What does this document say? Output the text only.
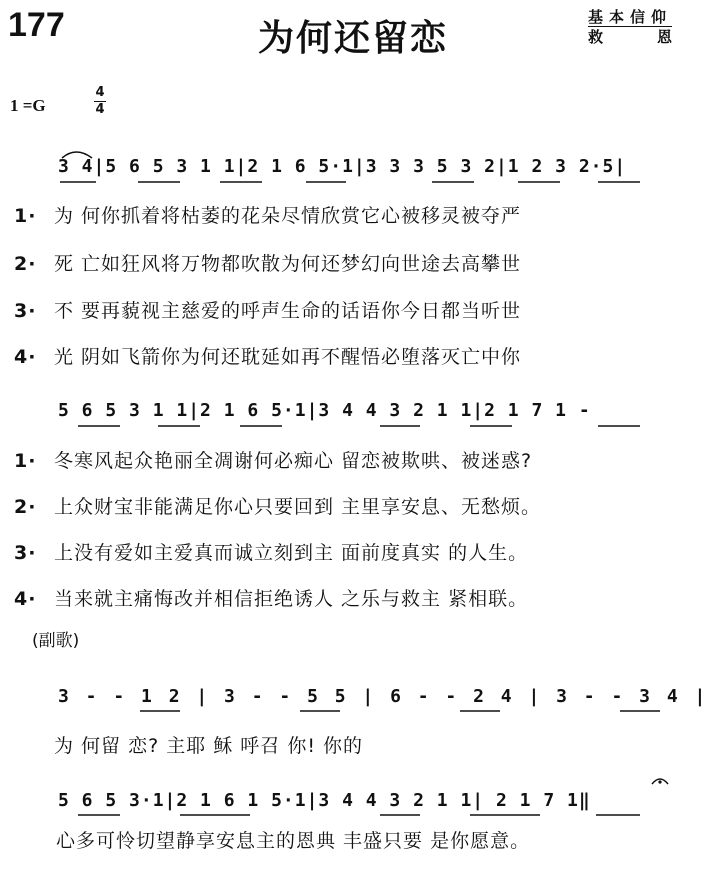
177	为何还留恋
基本信仰
救恩
1 =G
4
4
3 4|5 6 5 3 1 1|2 1 6 5·1|3 3 3 5 3 2|1 2 3 2·5|
1· 为 何你抓着将枯萎的花朵尽情欣赏它心被移灵被夺严
2· 死 亡如狂风将万物都吹散为何还梦幻向世途去高攀世
3· 不 要再藐视主慈爱的呼声生命的话语你今日都当听世
4· 光 阴如飞箭你为何还耽延如再不醒悟必堕落灭亡中你
5 6 5 3 1 1|2 1 6 5·1|3 4 4 3 2 1 1|2 1 7 1 -
1· 冬寒风起众艳丽全凋谢何必痴心 留恋被欺哄、被迷惑?
2· 上众财宝非能满足你心只要回到 主里享安息、无愁烦。
3· 上没有爱如主爱真而诚立刻到主 面前度真实 的人生。
4· 当来就主痛悔改并相信拒绝诱人 之乐与救主 紧相联。
(副歌)
3 - - 1 2 | 3 - - 5 5 | 6 - - 2 4 | 3 - - 3 4 |
为 何留 恋? 主耶 稣 呼召 你! 你的
5 6 5 3·1|2 1 6 1 5·1|3 4 4 3 2 1 1| 2 1 7 1‖
心多可怜切望静享安息主的恩典 丰盛只要 是你愿意。
